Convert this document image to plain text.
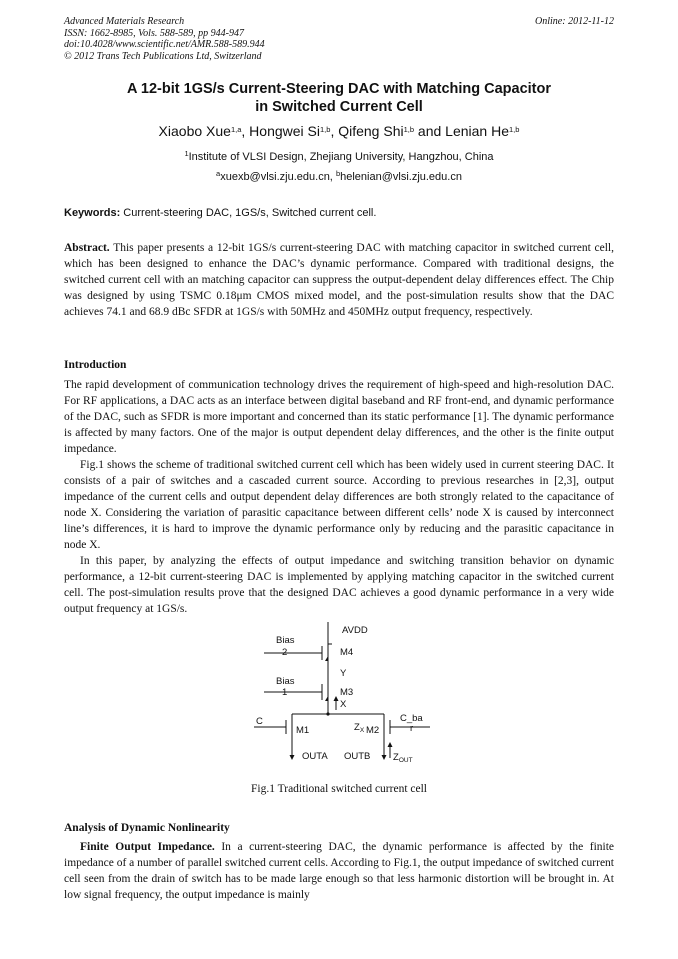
Advanced Materials Research
ISSN: 1662-8985, Vols. 588-589, pp 944-947
doi:10.4028/www.scientific.net/AMR.588-589.944
© 2012 Trans Tech Publications Ltd, Switzerland
Online: 2012-11-12
A 12-bit 1GS/s Current-Steering DAC with Matching Capacitor
in Switched Current Cell
Xiaobo Xue$^{1,a}$, Hongwei Si$^{1,b}$, Qifeng Shi$^{1,b}$ and Lenian He$^{1,b}$
$^1$Institute of VLSI Design, Zhejiang University, Hangzhou, China
$^a$xuexb@vlsi.zju.edu.cn, $^b$helenian@vlsi.zju.edu.cn
Keywords: Current-steering DAC, 1GS/s, Switched current cell.
Abstract. This paper presents a 12-bit 1GS/s current-steering DAC with matching capacitor in switched current cell, which has been designed to enhance the DAC’s dynamic performance. Compared with traditional designs, the switched current cell with an matching capacitor can suppress the output-dependent delay differences effect. The Chip was designed by using TSMC 0.18μm CMOS mixed model, and the post-simulation results show that the DAC achieves 74.1 and 68.9 dBc SFDR at 1GS/s with 50MHz and 450MHz output frequency, respectively.
Introduction

The rapid development of communication technology drives the requirement of high-speed and high-resolution DAC. For RF applications, a DAC acts as an interface between digital baseband and RF front-end, and dynamic performance of the DAC, such as SFDR is more important and concerned than its static performance [1]. The dynamic performance is affected by many factors. One of the major is output dependent delay differences, and the other is the finite output impedance.

Fig.1 shows the scheme of traditional switched current cell which has been widely used in current steering DAC. It consists of a pair of switches and a cascaded current source. According to previous researches in [2,3], output impedance of the current cells and output dependent delay differences are both strongly related to the capacitance of node X. Considering the variation of parasitic capacitance between different cells’ node X is caused by interconnect line’s differences, it is hard to improve the dynamic performance only by reducing and the parasitic capacitance in node X.

In this paper, by analyzing the effects of output impedance and switching transition behavior on dynamic performance, a 12-bit current-steering DAC is implemented by applying matching capacitor in the switched current cell. The post-simulation results prove that the designed DAC achieves a good dynamic performance in a very wide output frequency at 1GS/s.

AVDD
Bias
2	M4
Y
Bias
1	M3
X
C	C_ba
r
$Z_X$
M1	M2
OUTA OUTB $Z_{OUT}$
Fig.1 Traditional switched current cell
Analysis of Dynamic Nonlinearity

Finite Output Impedance. In a current-steering DAC, the dynamic performance is affected by the finite impedance of a number of parallel switched current cells. According to Fig.1, the output impedance of switched current cell seen from the drain of switch has to be made large enough so that less harmonic distortion will be brought in. At low signal frequency, the output impedance is mainly
